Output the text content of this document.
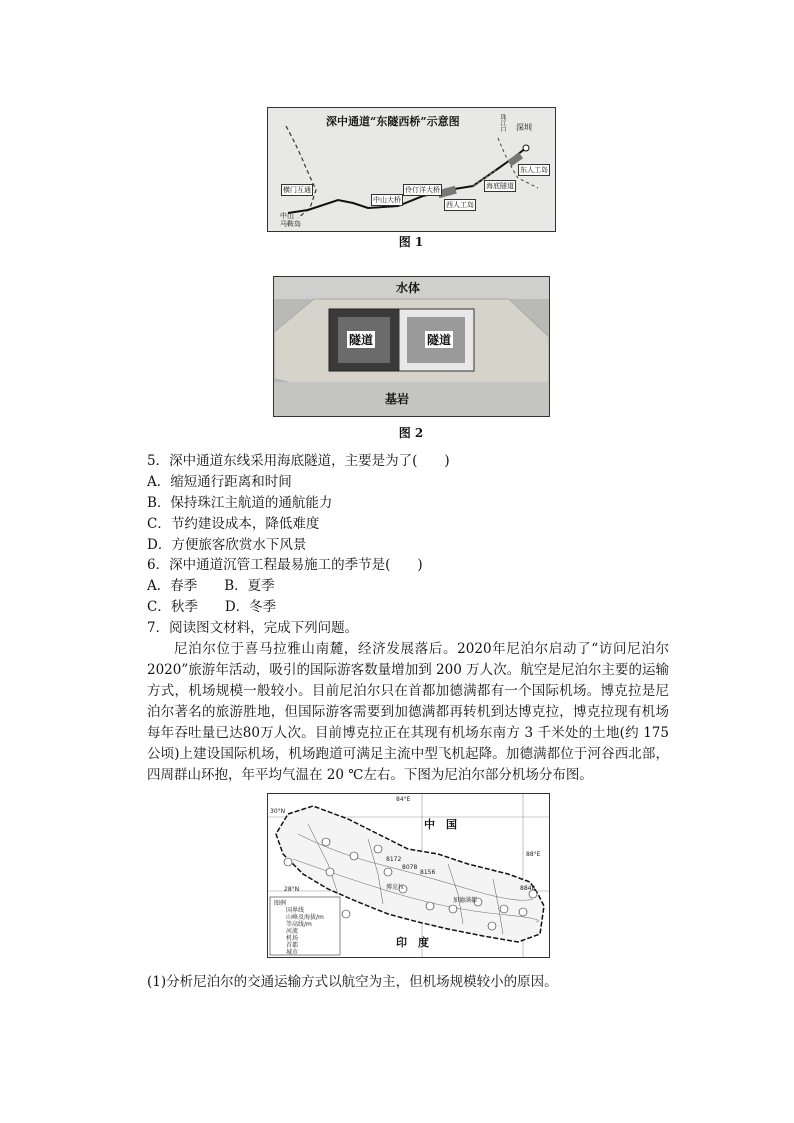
深中通道“东隧西桥”示意图	深圳
东人工岛
海底隧道
西人工岛
伶仃洋大桥
中山大桥
横门互通
中山
马鞍岛
珠江口
图 1
水体
隧道	隧道
基岩
图 2
5．深中通道东线采用海底隧道，主要是为了(　　)
A．缩短通行距离和时间
B．保持珠江主航道的通航能力
C．节约建设成本，降低难度
D．方便旅客欣赏水下风景
6．深中通道沉管工程最易施工的季节是(　　)
A．春季　　B．夏季
C．秋季　　D．冬季
7．阅读图文材料，完成下列问题。
尼泊尔位于喜马拉雅山南麓，经济发展落后。2020年尼泊尔启动了“访问尼泊尔 2020”旅游年活动，吸引的国际游客数量增加到 200 万人次。航空是尼泊尔主要的运输方式，机场规模一般较小。目前尼泊尔只在首都加德满都有一个国际机场。博克拉是尼泊尔著名的旅游胜地，但国际游客需要到加德满都再转机到达博克拉，博克拉现有机场每年吞吐量已达80万人次。目前博克拉正在其现有机场东南方 3 千米处的土地(约 175 公顷)上建设国际机场，机场跑道可满足主流中型飞机起降。加德满都位于河谷西北部，四周群山环抱，年平均气温在 20 ℃左右。下图为尼泊尔部分机场分布图。
中　国
印　度
84°E
88°E
30°N
28°N
加德满都
博克拉
8172
8078
8156
8848
图例
国界线
山峰及海拔/m
等高线/m
河流
机场
首都
城市
(1)分析尼泊尔的交通运输方式以航空为主，但机场规模较小的原因。
